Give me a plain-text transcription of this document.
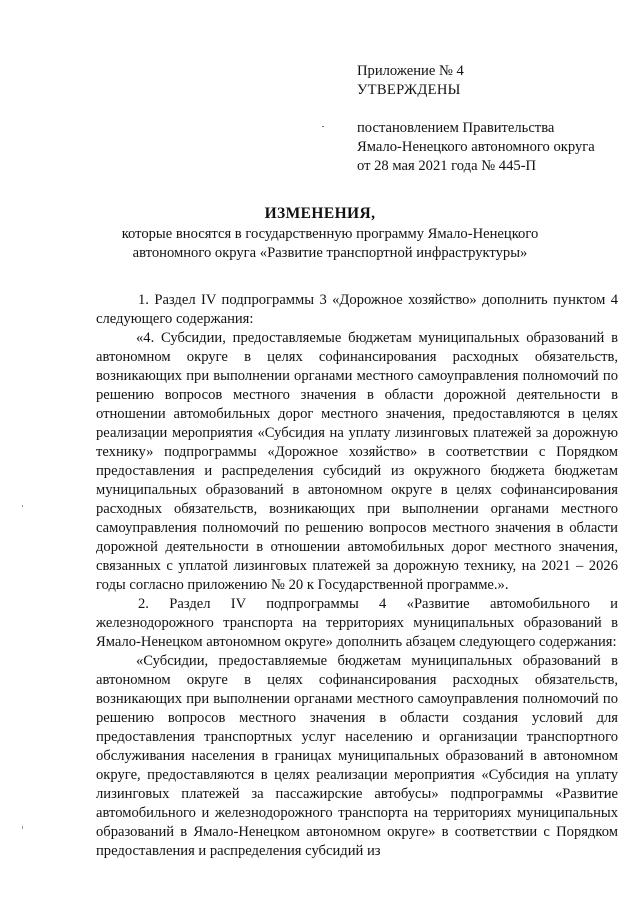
Приложение № 4
УТВЕРЖДЕНЫ
постановлением Правительства
Ямало-Ненецкого автономного округа
от 28 мая 2021 года № 445-П
ИЗМЕНЕНИЯ,
которые вносятся в государственную программу Ямало-Ненецкого автономного округа «Развитие транспортной инфраструктуры»

1. Раздел IV подпрограммы 3 «Дорожное хозяйство» дополнить пунктом 4 следующего содержания:

«4. Субсидии, предоставляемые бюджетам муниципальных образований в автономном округе в целях софинансирования расходных обязательств, возникающих при выполнении органами местного самоуправления полномочий по решению вопросов местного значения в области дорожной деятельности в отношении автомобильных дорог местного значения, предоставляются в целях реализации мероприятия «Субсидия на уплату лизинговых платежей за дорожную технику» подпрограммы «Дорожное хозяйство» в соответствии с Порядком предоставления и распределения субсидий из окружного бюджета бюджетам муниципальных образований в автономном округе в целях софинансирования расходных обязательств, возникающих при выполнении органами местного самоуправления полномочий по решению вопросов местного значения в области дорожной деятельности в отношении автомобильных дорог местного значения, связанных с уплатой лизинговых платежей за дорожную технику, на 2021 – 2026 годы согласно приложению № 20 к Государственной программе.».

2. Раздел IV подпрограммы 4 «Развитие автомобильного и железнодорожного транспорта на территориях муниципальных образований в Ямало-Ненецком автономном округе» дополнить абзацем следующего содержания:

«Субсидии, предоставляемые бюджетам муниципальных образований в автономном округе в целях софинансирования расходных обязательств, возникающих при выполнении органами местного самоуправления полномочий по решению вопросов местного значения в области создания условий для предоставления транспортных услуг населению и организации транспортного обслуживания населения в границах муниципальных образований в автономном округе, предоставляются в целях реализации мероприятия «Субсидия на уплату лизинговых платежей за пассажирские автобусы» подпрограммы «Развитие автомобильного и железнодорожного транспорта на территориях муниципальных образований в Ямало-Ненецком автономном округе» в соответствии с Порядком предоставления и распределения субсидий из
